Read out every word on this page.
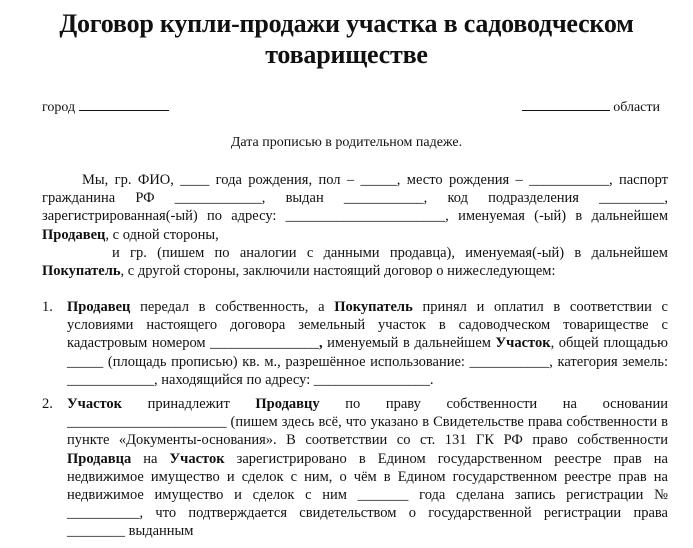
Договор купли-продажи участка в садоводческом товариществе
город	области
Дата прописью в родительном падеже.

Мы, гр. ФИО, ____ года рождения, пол – _____, место рождения – ___________, паспорт гражданина РФ ____________, выдан ___________, код подразделения _________, зарегистрированная(-ый) по адресу: ______________________, именуемая (-ый) в дальнейшем Продавец, с одной стороны,

и гр. (пишем по аналогии с данными продавца), именуемая(-ый) в дальнейшем Покупатель, с другой стороны, заключили настоящий договор о нижеследующем:

1. Продавец передал в собственность, а Покупатель принял и оплатил в соответствии с условиями настоящего договора земельный участок в садоводческом товариществе с кадастровым номером _______________, именуемый в дальнейшем Участок, общей площадью _____ (площадь прописью) кв. м., разрешённое использование: ___________, категория земель: ____________, находящийся по адресу: ________________.
2. Участок принадлежит Продавцу по праву собственности на основании ______________________ (пишем здесь всё, что указано в Свидетельстве права собственности в пункте «Документы-основания». В соответствии со ст. 131 ГК РФ право собственности Продавца на Участок зарегистрировано в Едином государственном реестре прав на недвижимое имущество и сделок с ним, о чём в Едином государственном реестре прав на недвижимое имущество и сделок с ним _______ года сделана запись регистрации № __________, что подтверждается свидетельством о государственной регистрации права ________ выданным
